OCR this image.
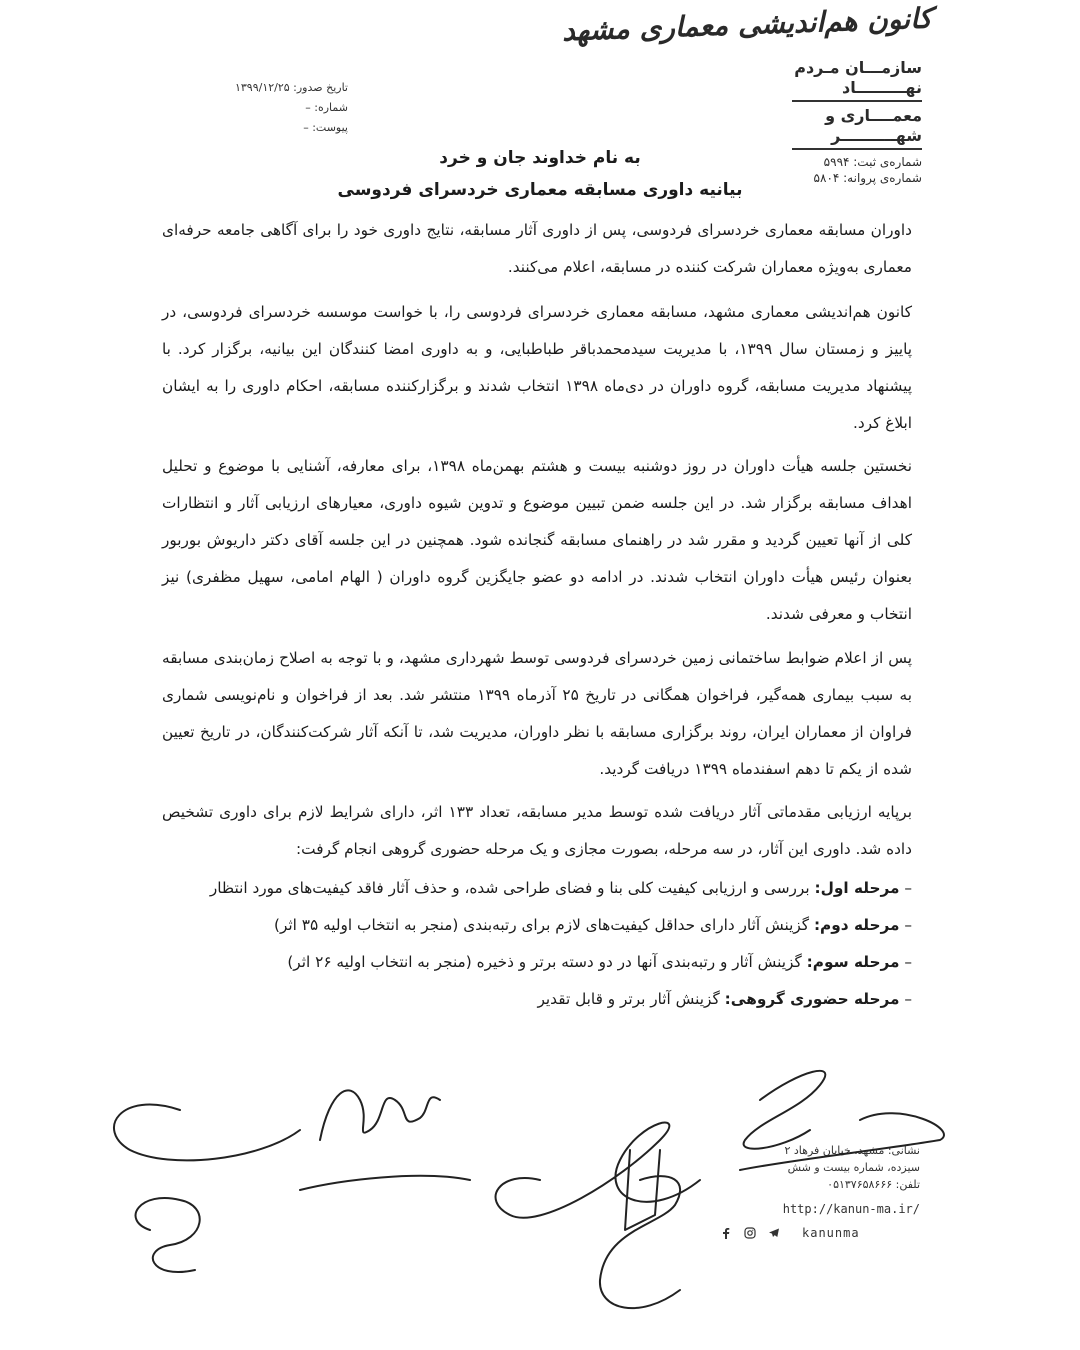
کانون هم‌اندیشی معماری مشهد
سازمـــان مـردم نهـــــــــاد
معمــــاری و شهــــــــــر
شماره‌ی ثبت: ۵۹۹۴
شماره‌ی پروانه: ۵۸۰۴
تاریخ صدور: ۱۳۹۹/۱۲/۲۵
شماره: –
پیوست: –
به نام خداوند جان و خرد
بیانیه داوری مسابقه معماری خردسرای فردوسی
داوران مسابقه معماری خردسرای فردوسی، پس از داوری آثار مسابقه، نتایج داوری خود را برای آگاهی جامعه حرفه‌ای معماری به‌ویژه معماران شرکت کننده در مسابقه، اعلام می‌کنند.
کانون هم‌اندیشی معماری مشهد، مسابقه معماری خردسرای فردوسی را، با خواست موسسه خردسرای فردوسی، در پاییز و زمستان سال ۱۳۹۹، با مدیریت سیدمحمدباقر طباطبایی، و به داوری امضا کنندگان این بیانیه، برگزار کرد. با پیشنهاد مدیریت مسابقه، گروه داوران در دی‌ماه ۱۳۹۸ انتخاب شدند و برگزارکننده مسابقه، احکام داوری را به ایشان ابلاغ کرد.
نخستین جلسه هیأت داوران در روز دوشنبه بیست و هشتم بهمن‌ماه ۱۳۹۸، برای معارفه، آشنایی با موضوع و تحلیل اهداف مسابقه برگزار شد. در این جلسه ضمن تبیین موضوع و تدوین شیوه داوری، معیارهای ارزیابی آثار و انتظارات کلی از آنها تعیین گردید و مقرر شد در راهنمای مسابقه گنجانده شود. همچنین در این جلسه آقای دکتر داریوش بوربور بعنوان رئیس هیأت داوران انتخاب شدند. در ادامه دو عضو جایگزین گروه داوران ( الهام امامی، سهیل مظفری) نیز انتخاب و معرفی شدند.
پس از اعلام ضوابط ساختمانی زمین خردسرای فردوسی توسط شهرداری مشهد، و با توجه به اصلاح زمان‌بندی مسابقه به سبب بیماری همه‌گیر، فراخوان همگانی در تاریخ ۲۵ آذرماه ۱۳۹۹ منتشر شد. بعد از فراخوان و نام‌نویسی شماری فراوان از معماران ایران، روند برگزاری مسابقه با نظر داوران، مدیریت شد، تا آنکه آثار شرکت‌کنندگان، در تاریخ تعیین شده از یکم تا دهم اسفندماه ۱۳۹۹ دریافت گردید.
برپایه ارزیابی مقدماتی آثار دریافت شده توسط مدیر مسابقه، تعداد ۱۳۳ اثر، دارای شرایط لازم برای داوری تشخیص داده شد. داوری این آثار، در سه مرحله، بصورت مجازی و یک مرحله حضوری گروهی انجام گرفت:
– مرحله اول: بررسی و ارزیابی کیفیت کلی بنا و فضای طراحی شده، و حذف آثار فاقد کیفیت‌های مورد انتظار
– مرحله دوم: گزینش آثار دارای حداقل کیفیت‌های لازم برای رتبه‌بندی (منجر به انتخاب اولیه ۳۵ اثر)
– مرحله سوم: گزینش آثار و رتبه‌بندی آنها در دو دسته برتر و ذخیره (منجر به انتخاب اولیه ۲۶ اثر)
– مرحله حضوری گروهی: گزینش آثار برتر و قابل تقدیر
نشانی: مشهد، خیابان فرهاد ۲
سیزده، شماره بیست و شش
تلفن: ۰۵۱۳۷۶۵۸۶۶۶
http://kanun-ma.ir/
kanunma
